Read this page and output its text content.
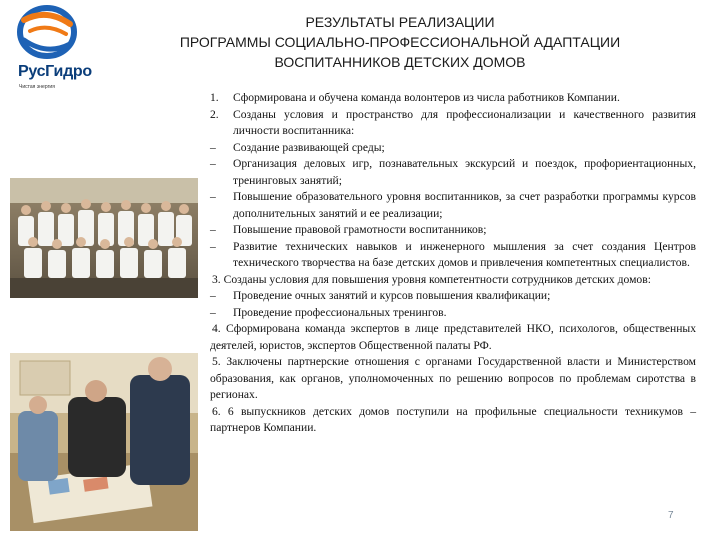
РусГидро
Чистая энергия
РЕЗУЛЬТАТЫ РЕАЛИЗАЦИИ
ПРОГРАММЫ СОЦИАЛЬНО-ПРОФЕССИОНАЛЬНОЙ АДАПТАЦИИ
ВОСПИТАННИКОВ ДЕТСКИХ ДОМОВ
1.	Сформирована и обучена команда волонтеров из числа работников Компании.
2.	Созданы условия и пространство для профессионализации и качественного развития личности воспитанника:
–	Создание развивающей среды;
–	Организация деловых игр, познавательных экскурсий и поездок, профориентационных, тренинговых занятий;
–	Повышение образовательного уровня воспитанников, за счет разработки программы курсов дополнительных занятий и ее реализации;
–	Повышение правовой грамотности воспитанников;
–	Развитие технических навыков и инженерного мышления за счет создания Центров технического творчества на базе детских домов и привлечения компетентных специалистов.
3. Созданы условия для повышения уровня компетентности сотрудников детских домов:
–	Проведение очных занятий и курсов повышения квалификации;
–	Проведение профессиональных тренингов.
4. Сформирована команда экспертов в лице представителей НКО, психологов, общественных деятелей, юристов, экспертов Общественной палаты РФ.
5. Заключены партнерские отношения с органами Государственной власти и Министерством образования, как органов, уполномоченных по решению вопросов по проблемам сиротства в регионах.
6. 6 выпускников детских домов поступили на профильные специальности техникумов – партнеров Компании.
7
